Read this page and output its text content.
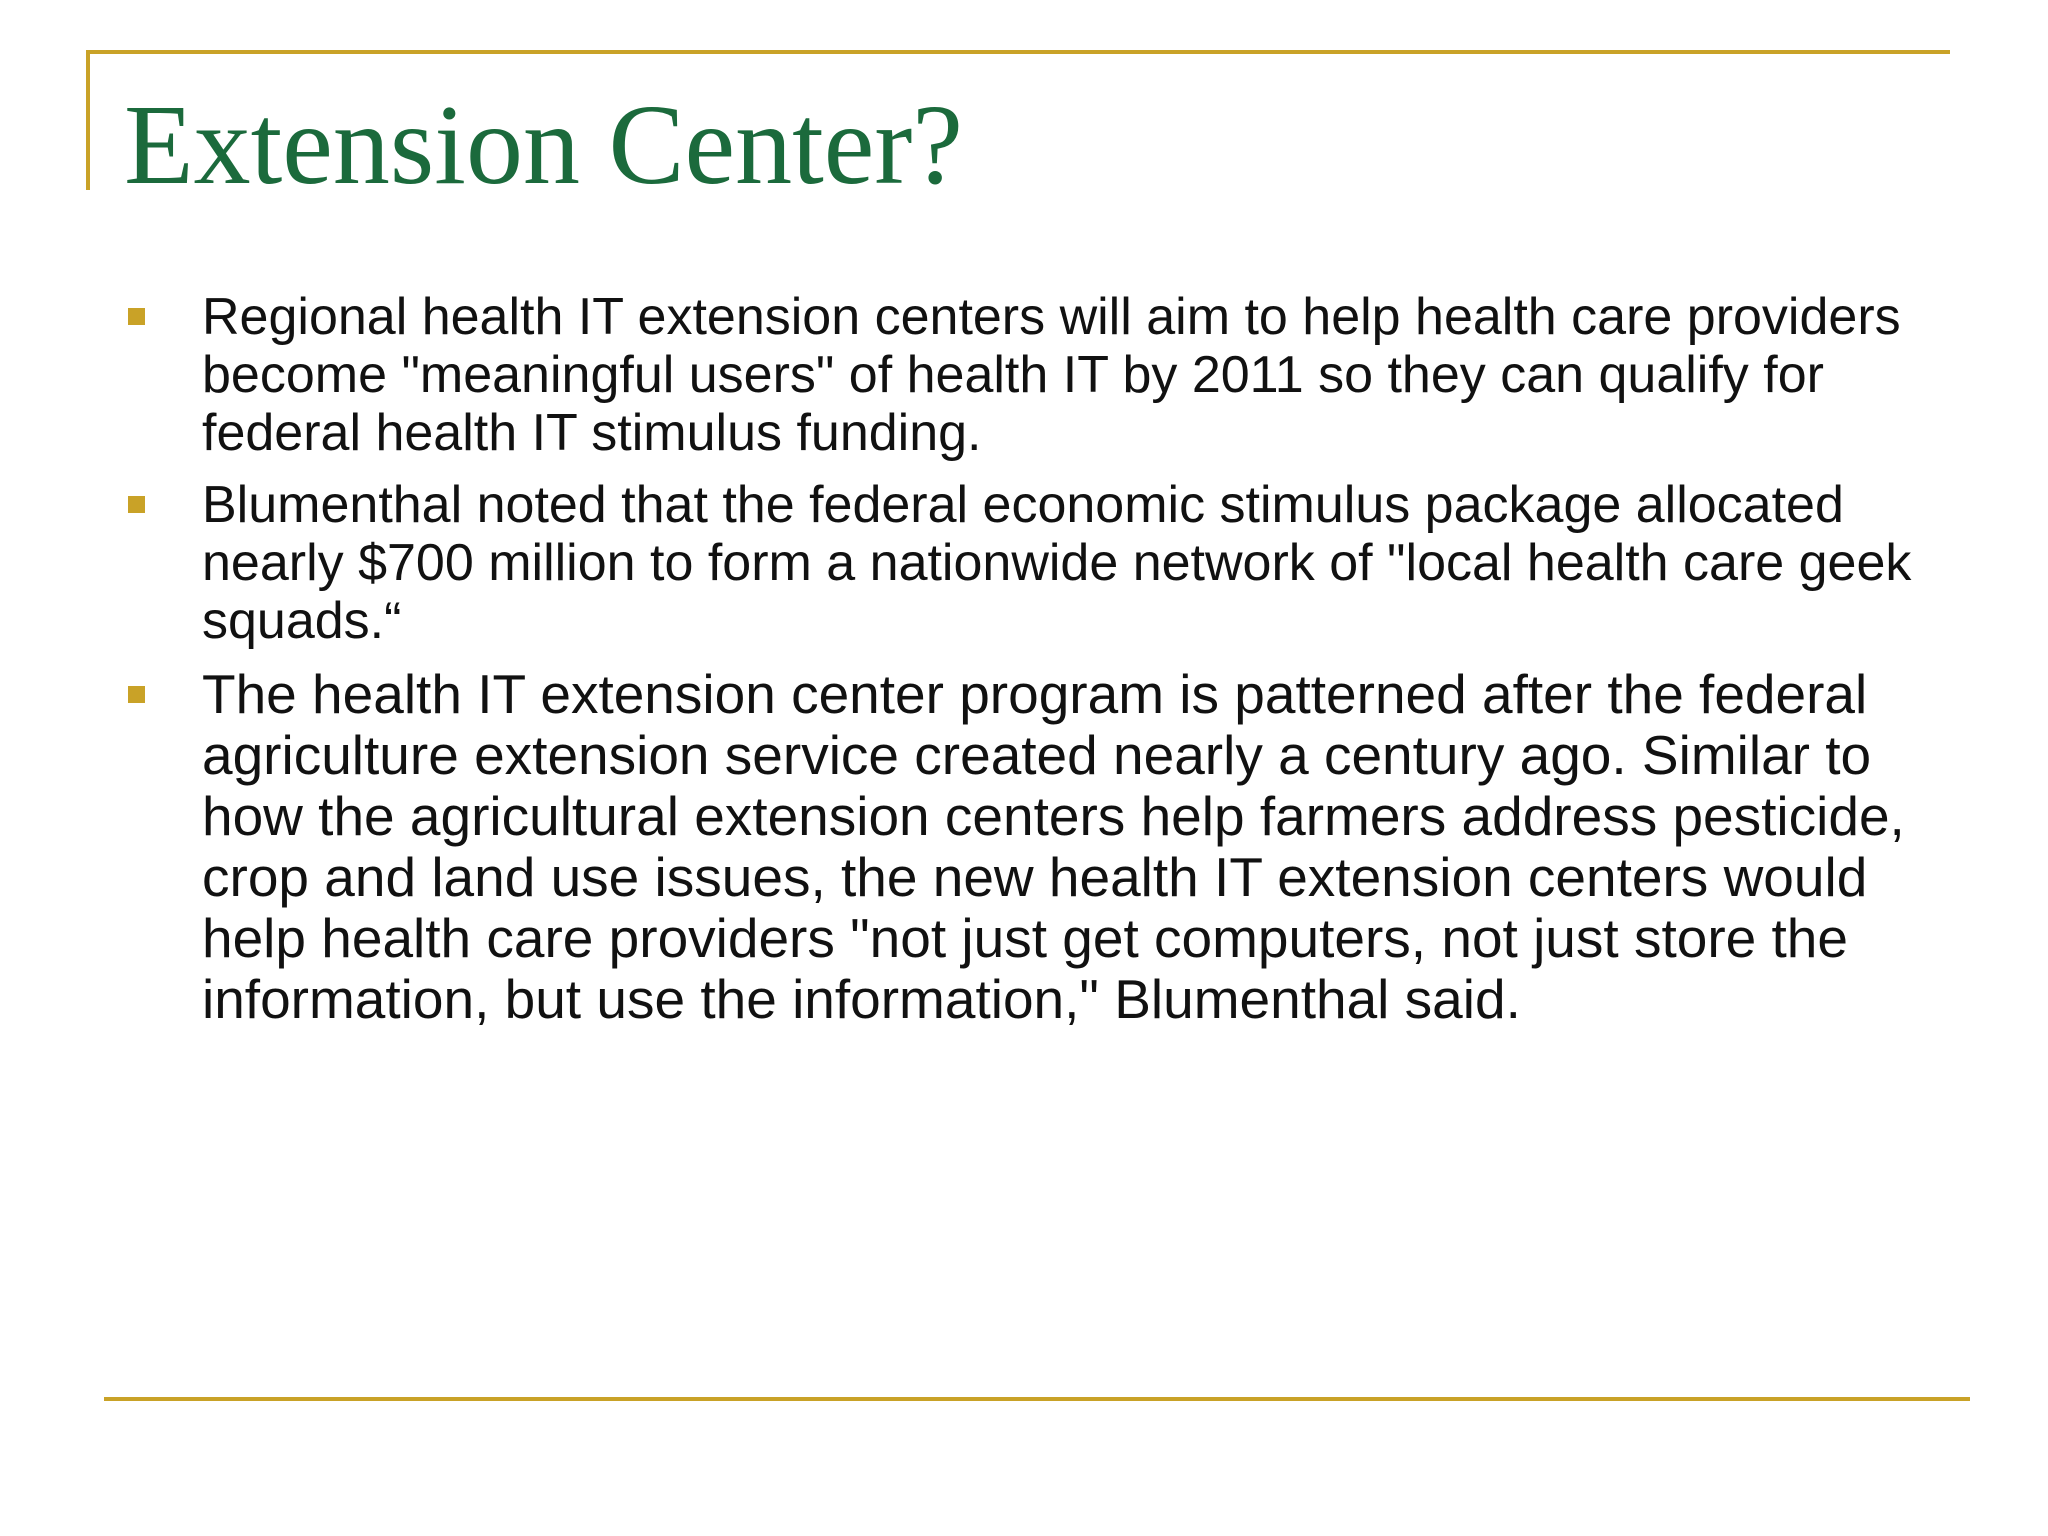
Extension Center?
Regional health IT extension centers will aim to help health care providers become "meaningful users" of health IT by 2011 so they can qualify for federal health IT stimulus funding.
Blumenthal noted that the federal economic stimulus package allocated nearly $700 million to form a nationwide network of "local health care geek squads.“
The health IT extension center program is patterned after the federal agriculture extension service created nearly a century ago. Similar to how the agricultural extension centers help farmers address pesticide, crop and land use issues, the new health IT extension centers would help health care providers "not just get computers, not just store the information, but use the information," Blumenthal said.
